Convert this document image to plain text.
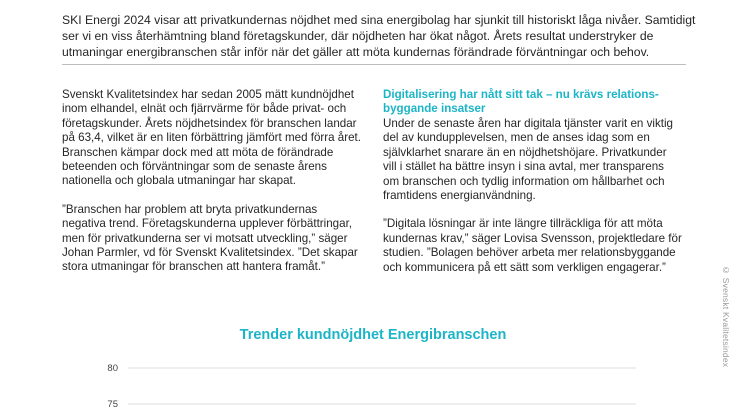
SKI Energi 2024 visar att privatkundernas nöjdhet med sina energibolag har sjunkit till historiskt låga nivåer. Samtidigt ser vi en viss återhämtning bland företagskunder, där nöjdheten har ökat något. Årets resultat understryker de utmaningar energibranschen står inför när det gäller att möta kundernas förändrade förväntningar och behov.

Svenskt Kvalitetsindex har sedan 2005 mätt kundnöjdhet inom elhandel, elnät och fjärrvärme för både privat- och företagskunder. Årets nöjdhetsindex för branschen landar på 63,4, vilket är en liten förbättring jämfört med förra året. Branschen kämpar dock med att möta de förändrade beteenden och förväntningar som de senaste årens nationella och globala utmaningar har skapat.

”Branschen har problem att bryta privatkundernas negativa trend. Företagskunderna upplever förbättringar, men för privatkunderna ser vi motsatt utveckling,” säger Johan Parmler, vd för Svenskt Kvalitetsindex. ”Det skapar stora utmaningar för branschen att hantera framåt.”

Digitalisering har nått sitt tak – nu krävs relations-byggande insatser

Under de senaste åren har digitala tjänster varit en viktig del av kundupplevelsen, men de anses idag som en självklarhet snarare än en nöjdhetshöjare. Privatkunder vill i stället ha bättre insyn i sina avtal, mer transparens om branschen och tydlig information om hållbarhet och framtidens energianvändning.

”Digitala lösningar är inte längre tillräckliga för att möta kundernas krav,” säger Lovisa Svensson, projektledare för studien. ”Bolagen behöver arbeta mer relationsbyggande och kommunicera på ett sätt som verkligen engagerar.”	© Svenskt Kvalitetsindex
Trender kundnöjdhet Energibranschen
80
75
